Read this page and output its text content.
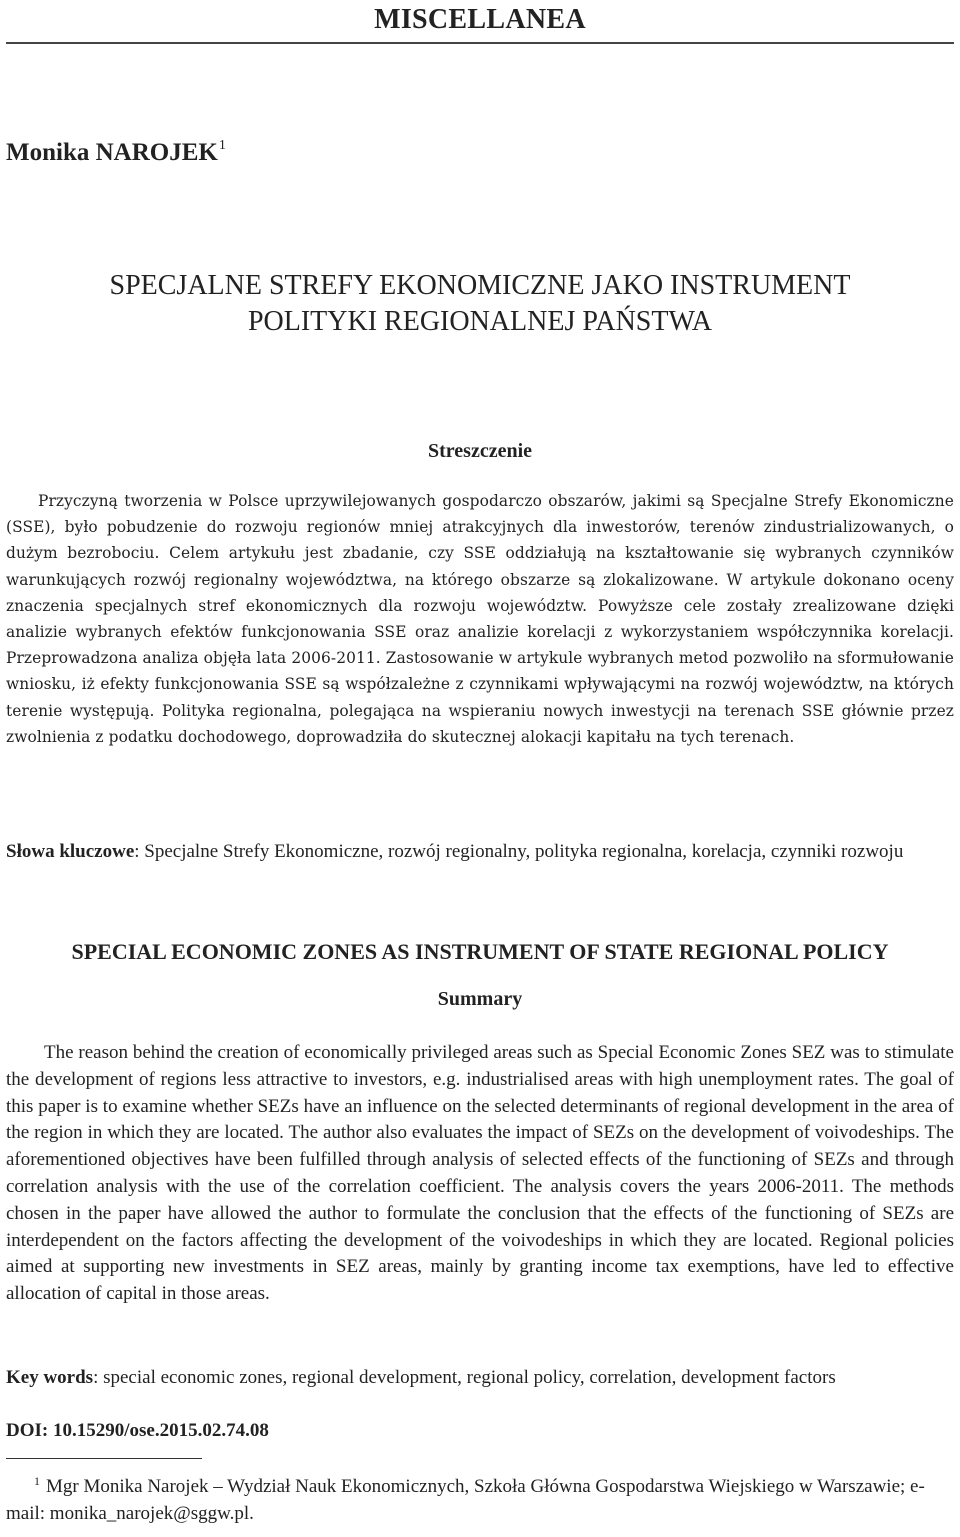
MISCELLANEA
Monika NAROJEK$^1$
SPECJALNE STREFY EKONOMICZNE JAKO INSTRUMENT
POLITYKI REGIONALNEJ PAŃSTWA
Streszczenie
Przyczyną tworzenia w Polsce uprzywilejowanych gospodarczo obszarów, jakimi są Specjalne Strefy Ekonomiczne (SSE), było pobudzenie do rozwoju regionów mniej atrakcyjnych dla inwestorów, terenów zindustrializowanych, o dużym bezrobociu. Celem artykułu jest zbadanie, czy SSE oddziałują na kształtowanie się wybranych czynników warunkujących rozwój regionalny województwa, na którego obszarze są zlokalizowane. W artykule dokonano oceny znaczenia specjalnych stref ekonomicznych dla rozwoju województw. Powyższe cele zostały zrealizowane dzięki analizie wybranych efektów funkcjonowania SSE oraz analizie korelacji z wykorzystaniem współczynnika korelacji. Przeprowadzona analiza objęła lata 2006-2011. Zastosowanie w artykule wybranych metod pozwoliło na sformułowanie wniosku, iż efekty funkcjonowania SSE są współzależne z czynnikami wpływającymi na rozwój województw, na których terenie występują. Polityka regionalna, polegająca na wspieraniu nowych inwestycji na terenach SSE głównie przez zwolnienia z podatku dochodowego, doprowadziła do skutecznej alokacji kapitału na tych terenach.
Słowa kluczowe: Specjalne Strefy Ekonomiczne, rozwój regionalny, polityka regionalna, korelacja, czynniki rozwoju
SPECIAL ECONOMIC ZONES AS INSTRUMENT OF STATE REGIONAL POLICY
Summary
The reason behind the creation of economically privileged areas such as Special Economic Zones SEZ was to stimulate the development of regions less attractive to investors, e.g. industrialised areas with high unemployment rates. The goal of this paper is to examine whether SEZs have an influence on the selected determinants of regional development in the area of the region in which they are located. The author also evaluates the impact of SEZs on the development of voivodeships. The aforementioned objectives have been fulfilled through analysis of selected effects of the functioning of SEZs and through correlation analysis with the use of the correlation coefficient. The analysis covers the years 2006-2011. The methods chosen in the paper have allowed the author to formulate the conclusion that the effects of the functioning of SEZs are interdependent on the factors affecting the development of the voivodeships in which they are located. Regional policies aimed at supporting new investments in SEZ areas, mainly by granting income tax exemptions, have led to effective allocation of capital in those areas.
Key words: special economic zones, regional development, regional policy, correlation, development factors
DOI: 10.15290/ose.2015.02.74.08
$^1$ Mgr Monika Narojek – Wydział Nauk Ekonomicznych, Szkoła Główna Gospodarstwa Wiejskiego w Warszawie; e-mail: monika_narojek@sggw.pl.
